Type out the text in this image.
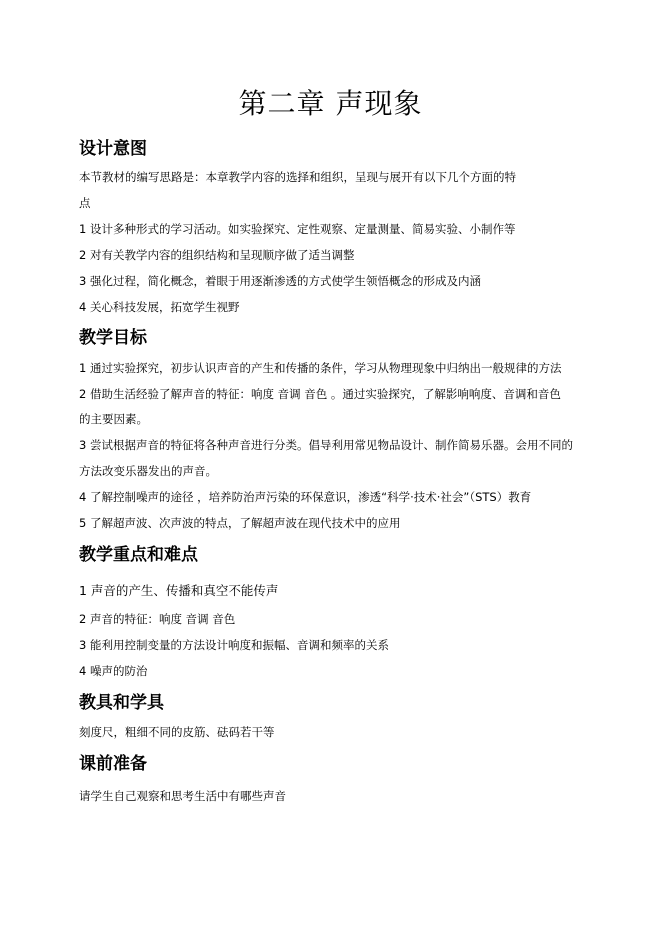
第二章 声现象
设计意图
本节教材的编写思路是：本章教学内容的选择和组织，呈现与展开有以下几个方面的特
点
1 设计多种形式的学习活动。如实验探究、定性观察、定量测量、简易实验、小制作等
2 对有关教学内容的组织结构和呈现顺序做了适当调整
3 强化过程，简化概念，着眼于用逐渐渗透的方式使学生领悟概念的形成及内涵
4 关心科技发展，拓宽学生视野
教学目标
1 通过实验探究，初步认识声音的产生和传播的条件，学习从物理现象中归纳出一般规律的方法
2 借助生活经验了解声音的特征：响度 音调 音色 。通过实验探究，了解影响响度、音调和音色
的主要因素。
3 尝试根据声音的特征将各种声音进行分类。倡导利用常见物品设计、制作简易乐器。会用不同的
方法改变乐器发出的声音。
4 了解控制噪声的途径 ，培养防治声污染的环保意识，渗透“科学·技术·社会”（STS）教育
5 了解超声波、次声波的特点，了解超声波在现代技术中的应用
教学重点和难点
1 声音的产生、传播和真空不能传声
2 声音的特征：响度 音调 音色
3 能利用控制变量的方法设计响度和振幅、音调和频率的关系
4 噪声的防治
教具和学具
刻度尺，粗细不同的皮筋、砝码若干等
课前准备
请学生自己观察和思考生活中有哪些声音
